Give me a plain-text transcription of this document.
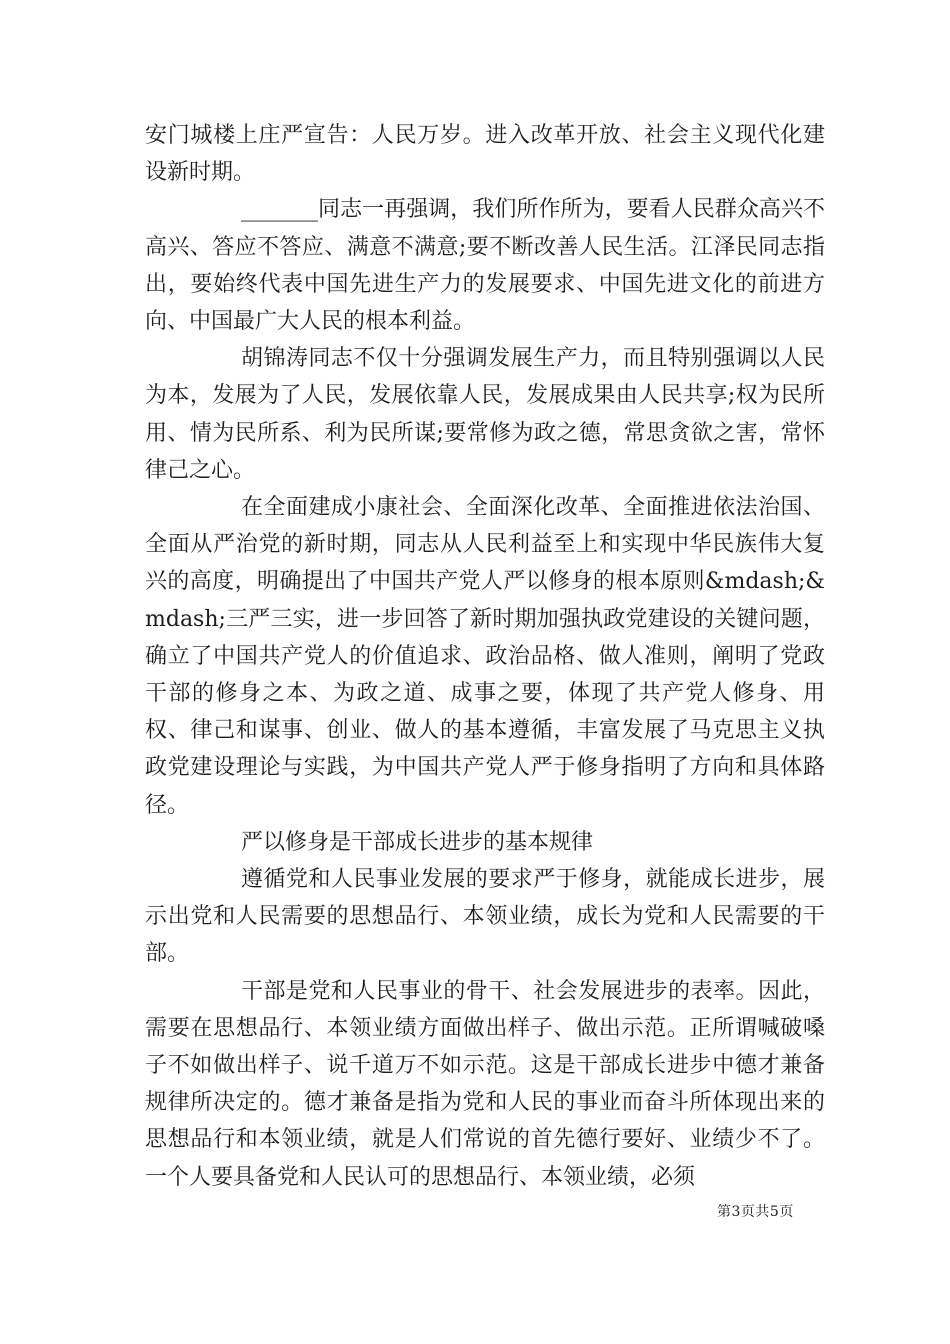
安门城楼上庄严宣告：人民万岁。进入改革开放、社会主义现代化建设新时期。

_______同志一再强调，我们所作所为，要看人民群众高兴不高兴、答应不答应、满意不满意;要不断改善人民生活。江泽民同志指出，要始终代表中国先进生产力的发展要求、中国先进文化的前进方向、中国最广大人民的根本利益。

胡锦涛同志不仅十分强调发展生产力，而且特别强调以人民为本，发展为了人民，发展依靠人民，发展成果由人民共享;权为民所用、情为民所系、利为民所谋;要常修为政之德，常思贪欲之害，常怀律己之心。

在全面建成小康社会、全面深化改革、全面推进依法治国、全面从严治党的新时期，同志从人民利益至上和实现中华民族伟大复兴的高度，明确提出了中国共产党人严以修身的根本原则&mdash;&mdash;三严三实，进一步回答了新时期加强执政党建设的关键问题，确立了中国共产党人的价值追求、政治品格、做人准则，阐明了党政干部的修身之本、为政之道、成事之要，体现了共产党人修身、用权、律己和谋事、创业、做人的基本遵循，丰富发展了马克思主义执政党建设理论与实践，为中国共产党人严于修身指明了方向和具体路径。

严以修身是干部成长进步的基本规律

遵循党和人民事业发展的要求严于修身，就能成长进步，展示出党和人民需要的思想品行、本领业绩，成长为党和人民需要的干部。

干部是党和人民事业的骨干、社会发展进步的表率。因此，需要在思想品行、本领业绩方面做出样子、做出示范。正所谓喊破嗓子不如做出样子、说千道万不如示范。这是干部成长进步中德才兼备规律所决定的。德才兼备是指为党和人民的事业而奋斗所体现出来的思想品行和本领业绩，就是人们常说的首先德行要好、业绩少不了。一个人要具备党和人民认可的思想品行、本领业绩，必须

第3页共5页
